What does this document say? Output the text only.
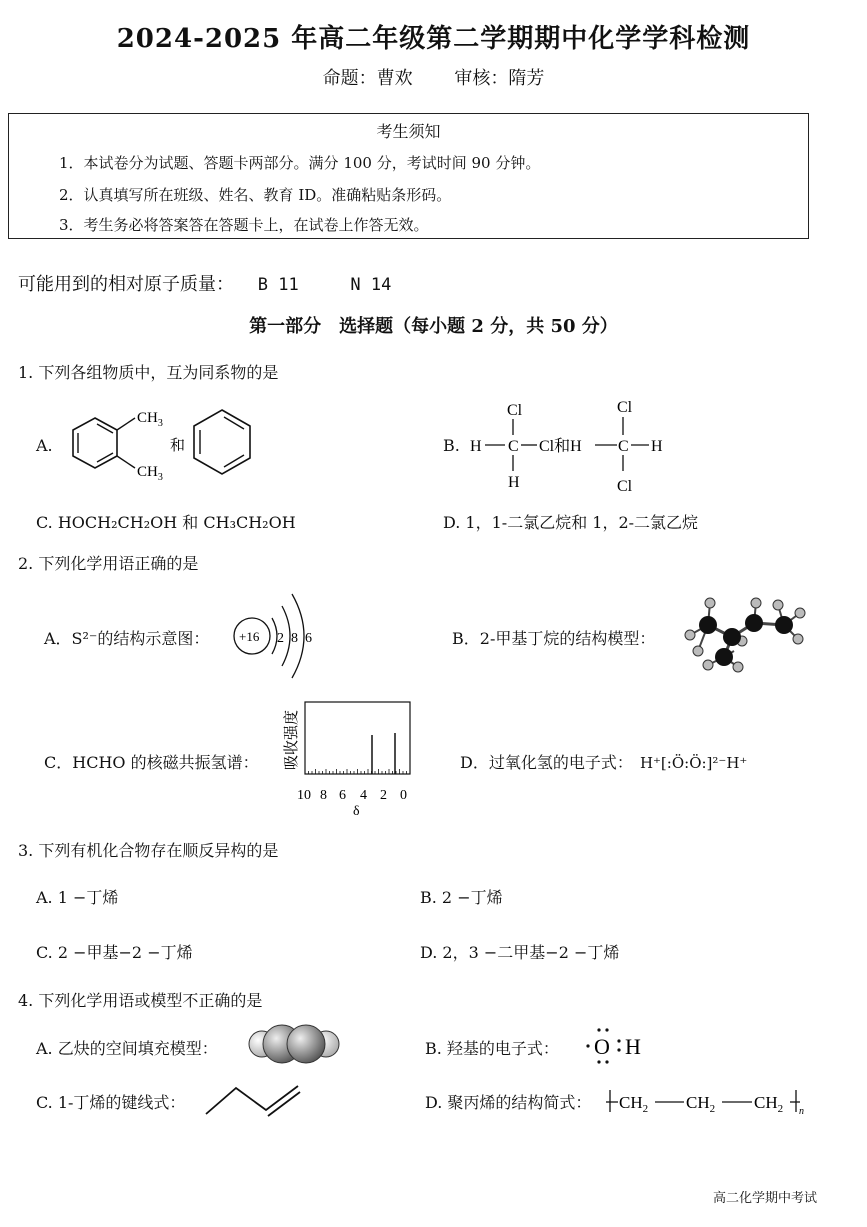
2024-2025 年高二年级第二学期期中化学学科检测
命题：曹欢 审核：隋芳
考生须知
1．本试卷分为试题、答题卡两部分。满分 100 分，考试时间 90 分钟。
2．认真填写所在班级、姓名、教育 ID。准确粘贴条形码。
3．考生务必将答案答在答题卡上，在试卷上作答无效。
可能用到的相对原子质量： B 11	N 14
第一部分　选择题（每小题 2 分，共 50 分）
1. 下列各组物质中，互为同系物的是
A.
$CH_3$
$CH_3$
和	B.
Cl
H C Cl和H
H
Cl
C H
Cl
C. HOCH₂CH₂OH 和 CH₃CH₂OH	D. 1，1-二氯乙烷和 1，2-二氯乙烷
2. 下列化学用语正确的是
A．S²⁻的结构示意图： +16 2 8 6	B．2-甲基丁烷的结构模型：
C．HCHO 的核磁共振氢谱： 吸收强度
10 8 6 4 2 0
δ
D．过氧化氢的电子式： H⁺[:Ö:Ö:]²⁻H⁺
3. 下列有机化合物存在顺反异构的是
A. 1 −丁烯	B. 2 −丁烯
C. 2 −甲基−2 −丁烯	D. 2，3 −二甲基−2 −丁烯
4. 下列化学用语或模型不正确的是
A. 乙炔的空间填充模型：	B. 羟基的电子式： O H
C. 1-丁烯的键线式：	D. 聚丙烯的结构简式： $CH_2$ $CH_2$ $CH_2$ n
高二化学期中考试
